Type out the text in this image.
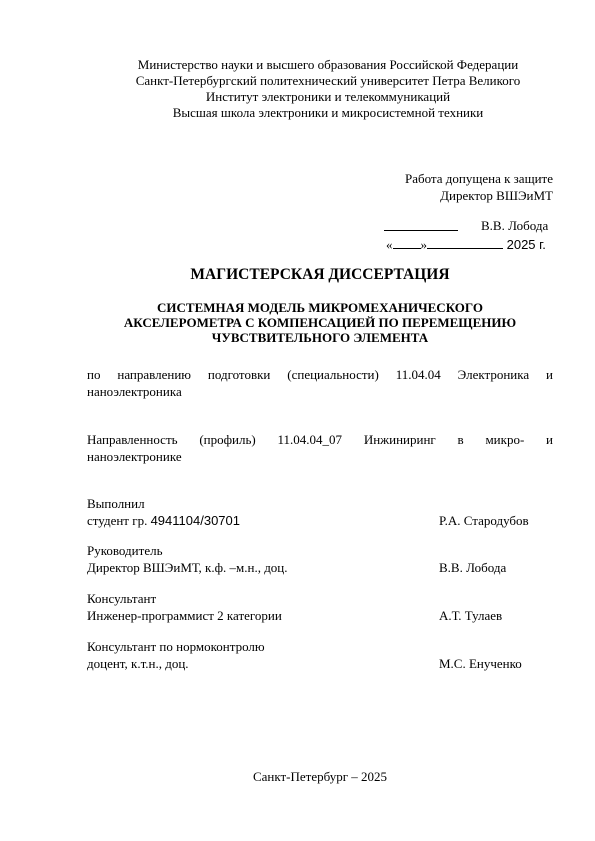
Министерство науки и высшего образования Российской Федерации
Санкт-Петербургский политехнический университет Петра Великого
Институт электроники и телекоммуникаций
Высшая школа электроники и микросистемной техники
Работа допущена к защите
Директор ВШЭиМТ
В.В. Лобода
« »	2025 г.
МАГИСТЕРСКАЯ ДИССЕРТАЦИЯ
СИСТЕМНАЯ МОДЕЛЬ МИКРОМЕХАНИЧЕСКОГО
АКСЕЛЕРОМЕТРА С КОМПЕНСАЦИЕЙ ПО ПЕРЕМЕЩЕНИЮ
ЧУВСТВИТЕЛЬНОГО ЭЛЕМЕНТА
по направлению подготовки (специальности) 11.04.04 Электроника и
наноэлектроника
Направленность (профиль) 11.04.04_07 Инжиниринг в микро- и
наноэлектронике
Выполнил
студент гр. 4941104/30701	Р.А. Стародубов
Руководитель
Директор ВШЭиМТ, к.ф. –м.н., доц.	В.В. Лобода
Консультант
Инженер-программист 2 категории	А.Т. Тулаев
Консультант по нормоконтролю
доцент, к.т.н., доц.	М.С. Енученко
Санкт-Петербург – 2025
